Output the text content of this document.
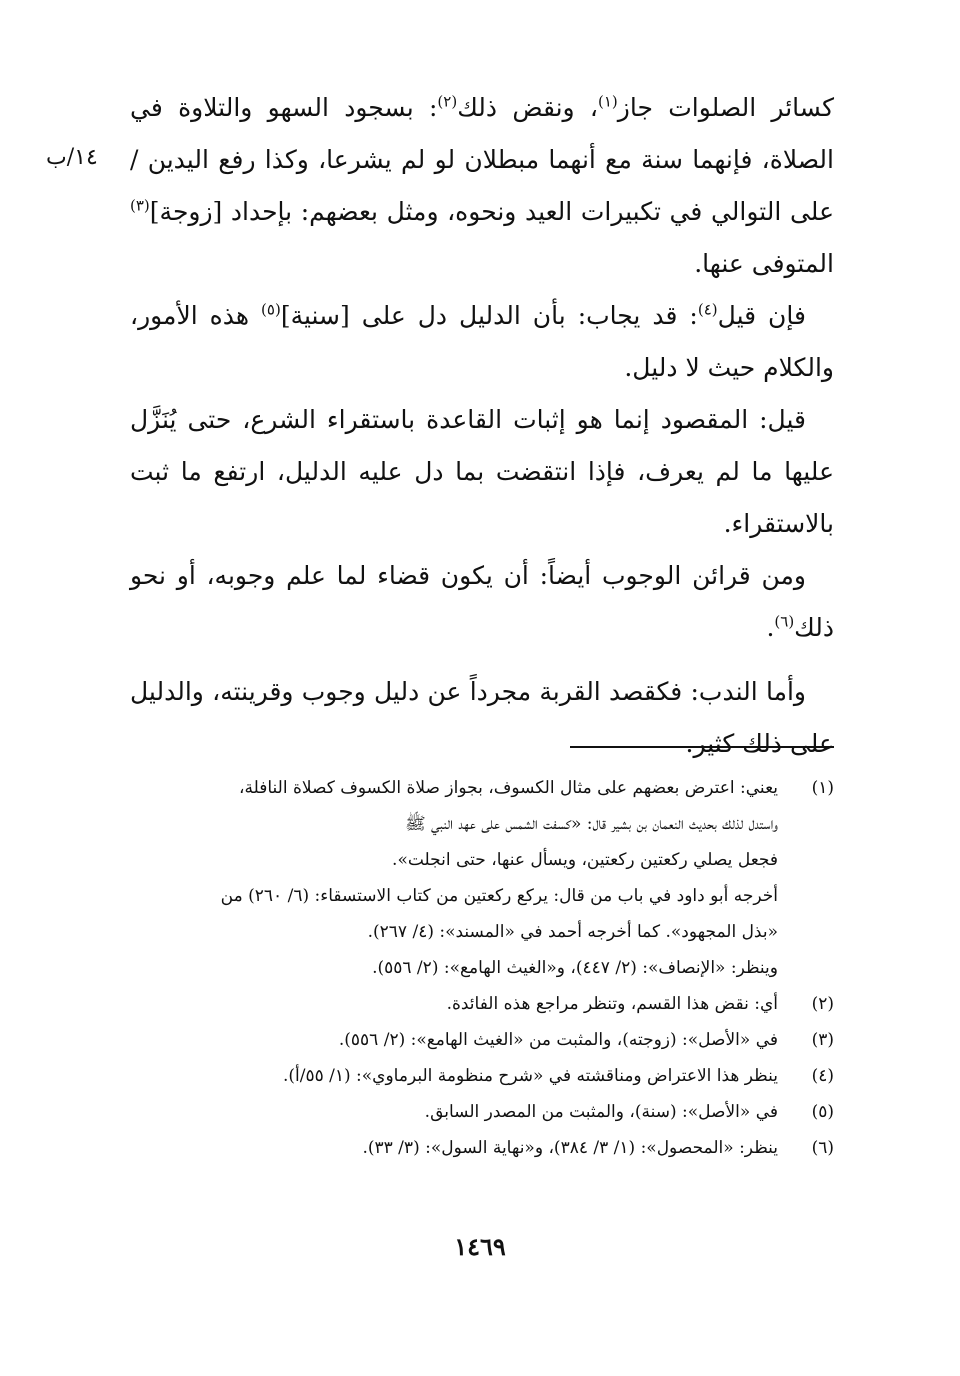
١٤/ب

كسائر الصلوات جاز$^{(١)}$، ونقض ذلك$^{(٢)}$: بسجود السهو والتلاوة في الصلاة، فإنهما سنة مع أنهما مبطلان لو لم يشرعا، وكذا رفع اليدين / على التوالي في تكبيرات العيد ونحوه، ومثل بعضهم: بإحداد [زوجة]$^{(٣)}$ المتوفى عنها.

فإن قيل$^{(٤)}$: قد يجاب: بأن الدليل دل على [سنية]$^{(٥)}$ هذه الأمور، والكلام حيث لا دليل.

قيل: المقصود إنما هو إثبات القاعدة باستقراء الشرع، حتى يُنَزَّل عليها ما لم يعرف، فإذا انتقضت بما دل عليه الدليل، ارتفع ما ثبت بالاستقراء.

ومن قرائن الوجوب أيضاً: أن يكون قضاء لما علم وجوبه، أو نحو ذلك$^{(٦)}$.

وأما الندب: فكقصد القربة مجرداً عن دليل وجوب وقرينته، والدليل على ذلك كثير.

(١)
يعني: اعترض بعضهم على مثال الكسوف، بجواز صلاة الكسوف كصلاة النافلة،
واستدل لذلك بحديث النعمان بن بشير قال: «كسفت الشمس على عهد النبي ﷺ
فجعل يصلي ركعتين ركعتين، ويسأل عنها، حتى انجلت».
أخرجه أبو داود في باب من قال: يركع ركعتين من كتاب الاستسقاء: (٦/ ٢٦٠) من
«بذل المجهود». كما أخرجه أحمد في «المسند»: (٤/ ٢٦٧).
وينظر: «الإنصاف»: (٢/ ٤٤٧)، و«الغيث الهامع»: (٢/ ٥٥٦).
(٢)
أي: نقض هذا القسم، وتنظر مراجع هذه الفائدة.
(٣)
في «الأصل»: (زوجته)، والمثبت من «الغيث الهامع»: (٢/ ٥٥٦).
(٤)
ينظر هذا الاعتراض ومناقشته في «شرح منظومة البرماوي»: (١/ ٥٥/أ).
(٥)
في «الأصل»: (سنة)، والمثبت من المصدر السابق.
(٦)
ينظر: «المحصول»: (١/ ٣/ ٣٨٤)، و«نهاية السول»: (٣/ ٣٣).
١٤٦٩
